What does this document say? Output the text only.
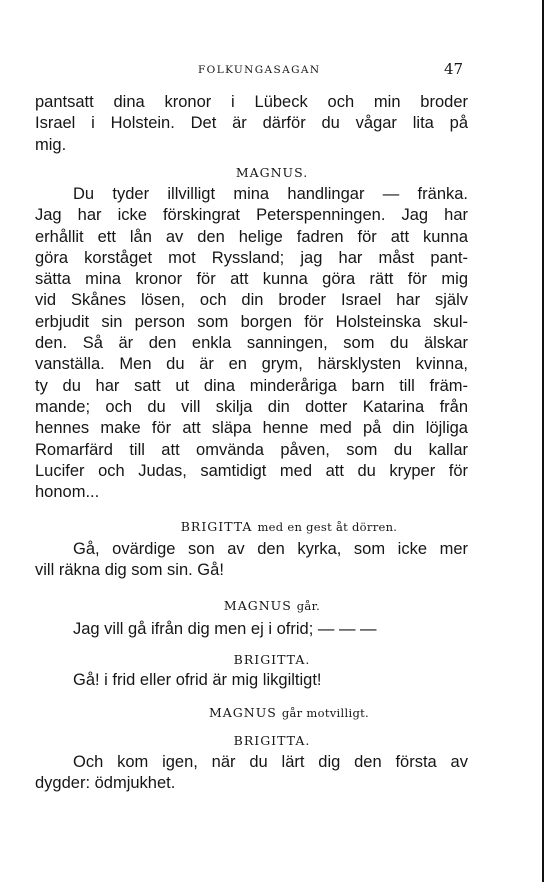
FOLKUNGASAGAN	47
pantsatt dina kronor i Lübeck och min broder
Israel i Holstein. Det är därför du vågar lita på
mig.
MAGNUS.
Du tyder illvilligt mina handlingar — fränka.
Jag har icke förskingrat Peterspenningen. Jag har
erhållit ett lån av den helige fadren för att kunna
göra korståget mot Ryssland; jag har måst pant-
sätta mina kronor för att kunna göra rätt för mig
vid Skånes lösen, och din broder Israel har själv
erbjudit sin person som borgen för Holsteinska skul-
den. Så är den enkla sanningen, som du älskar
vanställa. Men du är en grym, härsklysten kvinna,
ty du har satt ut dina minderåriga barn till främ-
mande; och du vill skilja din dotter Katarina från
hennes make för att släpa henne med på din löjliga
Romarfärd till att omvända påven, som du kallar
Lucifer och Judas, samtidigt med att du kryper för
honom...
BRIGITTA med en gest åt dörren.
Gå, ovärdige son av den kyrka, som icke mer
vill räkna dig som sin. Gå!
MAGNUS går.
Jag vill gå ifrån dig men ej i ofrid; — — —
BRIGITTA.
Gå! i frid eller ofrid är mig likgiltigt!
MAGNUS går motvilligt.
BRIGITTA.
Och kom igen, när du lärt dig den första av
dygder: ödmjukhet.
